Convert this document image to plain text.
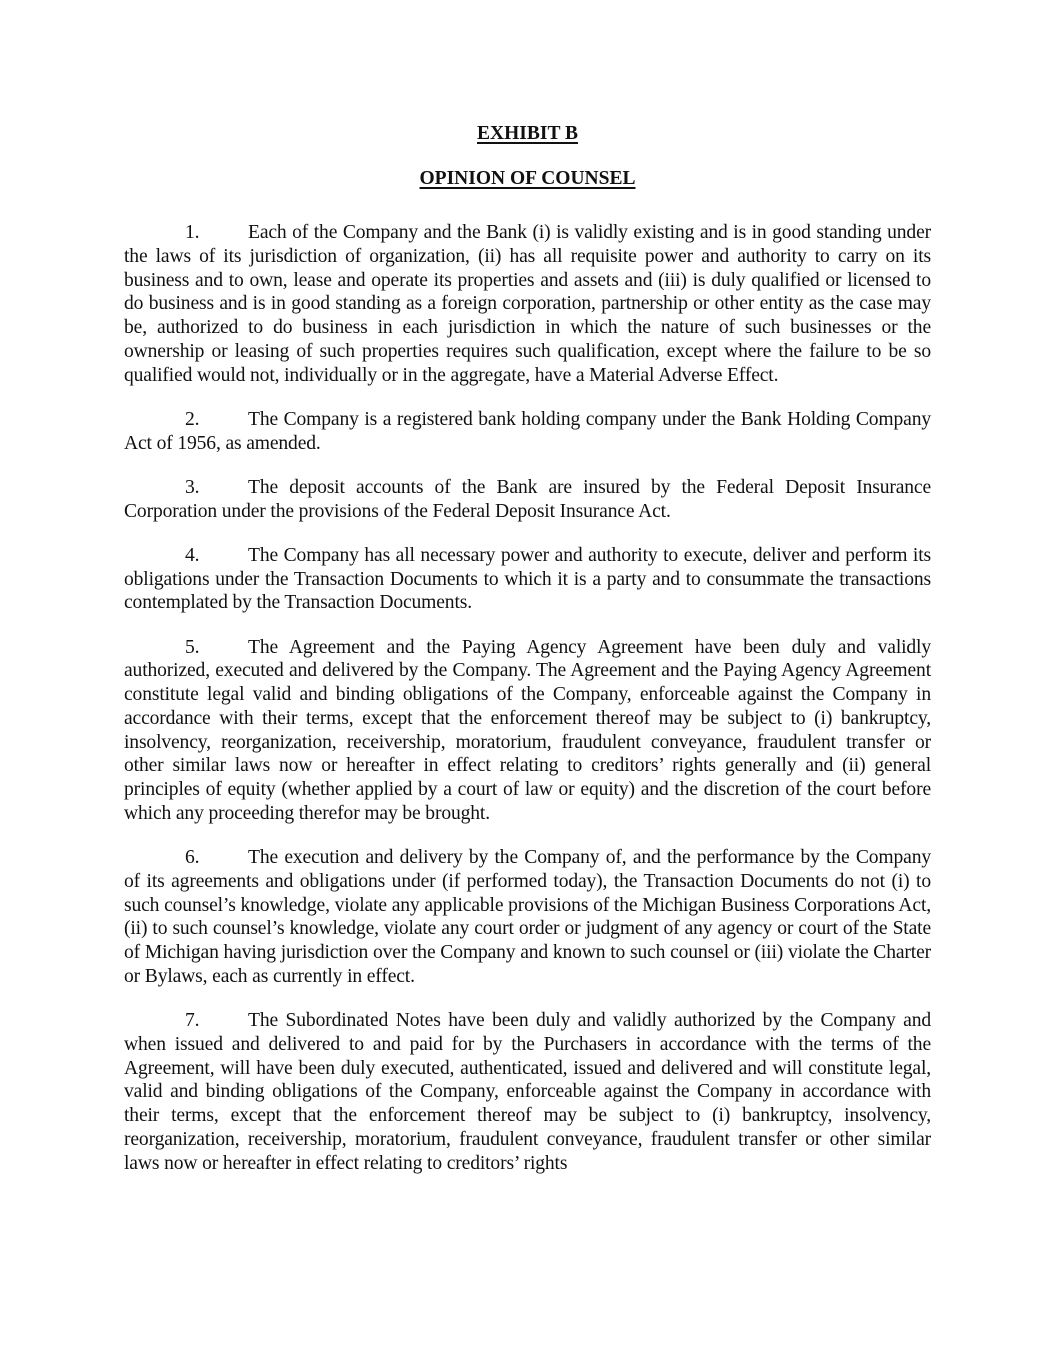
EXHIBIT B
OPINION OF COUNSEL

1. Each of the Company and the Bank (i) is validly existing and is in good standing under the laws of its jurisdiction of organization, (ii) has all requisite power and authority to carry on its business and to own, lease and operate its properties and assets and (iii) is duly qualified or licensed to do business and is in good standing as a foreign corporation, partnership or other entity as the case may be, authorized to do business in each jurisdiction in which the nature of such businesses or the ownership or leasing of such properties requires such qualification, except where the failure to be so qualified would not, individually or in the aggregate, have a Material Adverse Effect.

2. The Company is a registered bank holding company under the Bank Holding Company Act of 1956, as amended.

3. The deposit accounts of the Bank are insured by the Federal Deposit Insurance Corporation under the provisions of the Federal Deposit Insurance Act.

4. The Company has all necessary power and authority to execute, deliver and perform its obligations under the Transaction Documents to which it is a party and to consummate the transactions contemplated by the Transaction Documents.

5. The Agreement and the Paying Agency Agreement have been duly and validly authorized, executed and delivered by the Company. The Agreement and the Paying Agency Agreement constitute legal valid and binding obligations of the Company, enforceable against the Company in accordance with their terms, except that the enforcement thereof may be subject to (i) bankruptcy, insolvency, reorganization, receivership, moratorium, fraudulent conveyance, fraudulent transfer or other similar laws now or hereafter in effect relating to creditors’ rights generally and (ii) general principles of equity (whether applied by a court of law or equity) and the discretion of the court before which any proceeding therefor may be brought.

6. The execution and delivery by the Company of, and the performance by the Company of its agreements and obligations under (if performed today), the Transaction Documents do not (i) to such counsel’s knowledge, violate any applicable provisions of the Michigan Business Corporations Act, (ii) to such counsel’s knowledge, violate any court order or judgment of any agency or court of the State of Michigan having jurisdiction over the Company and known to such counsel or (iii) violate the Charter or Bylaws, each as currently in effect.

7. The Subordinated Notes have been duly and validly authorized by the Company and when issued and delivered to and paid for by the Purchasers in accordance with the terms of the Agreement, will have been duly executed, authenticated, issued and delivered and will constitute legal, valid and binding obligations of the Company, enforceable against the Company in accordance with their terms, except that the enforcement thereof may be subject to (i) bankruptcy, insolvency, reorganization, receivership, moratorium, fraudulent conveyance, fraudulent transfer or other similar laws now or hereafter in effect relating to creditors’ rights
